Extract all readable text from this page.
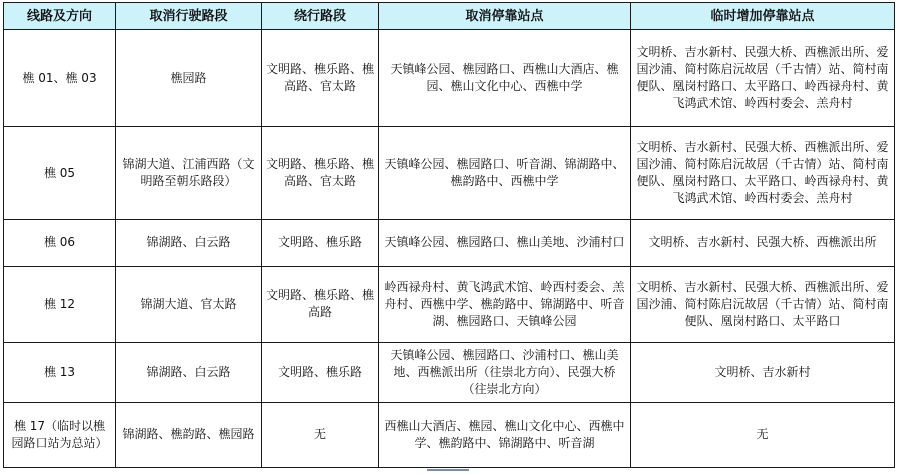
线路及方向	取消行驶路段	绕行路段	取消停靠站点	临时增加停靠站点
樵 01、樵 03	樵园路	文明路、樵乐路、樵高路、官太路	天镇峰公园、樵园路口、西樵山大酒店、樵园、樵山文化中心、西樵中学	文明桥、吉水新村、民强大桥、西樵派出所、爱国沙浦、简村陈启沅故居（千古情）站、简村南便队、凰岗村路口、太平路口、岭西禄舟村、黄飞鸿武术馆、岭西村委会、羔舟村
樵 05	锦湖大道、江浦西路（文明路至朝乐路段）	文明路、樵乐路、樵高路、官太路	天镇峰公园、樵园路口、听音湖、锦湖路中、樵韵路中、西樵中学	文明桥、吉水新村、民强大桥、西樵派出所、爱国沙浦、简村陈启沅故居（千古情）站、简村南便队、凰岗村路口、太平路口、岭西禄舟村、黄飞鸿武术馆、岭西村委会、羔舟村
樵 06	锦湖路、白云路	文明路、樵乐路	天镇峰公园、樵园路口、樵山美地、沙浦村口	文明桥、吉水新村、民强大桥、西樵派出所
樵 12	锦湖大道、官太路	文明路、樵乐路、樵高路	岭西禄舟村、黄飞鸿武术馆、岭西村委会、羔舟村、西樵中学、樵韵路中、锦湖路中、听音湖、樵园路口、天镇峰公园	文明桥、吉水新村、民强大桥、西樵派出所、爱国沙浦、简村陈启沅故居（千古情）站、简村南便队、凰岗村路口、太平路口
樵 13	锦湖路、白云路	文明路、樵乐路	天镇峰公园、樵园路口、沙浦村口、樵山美地、西樵派出所（往崇北方向）、民强大桥（往崇北方向）	文明桥、吉水新村
樵 17（临时以樵园路口站为总站）	锦湖路、樵韵路、樵园路	无	西樵山大酒店、樵园、樵山文化中心、西樵中学、樵韵路中、锦湖路中、听音湖	无
